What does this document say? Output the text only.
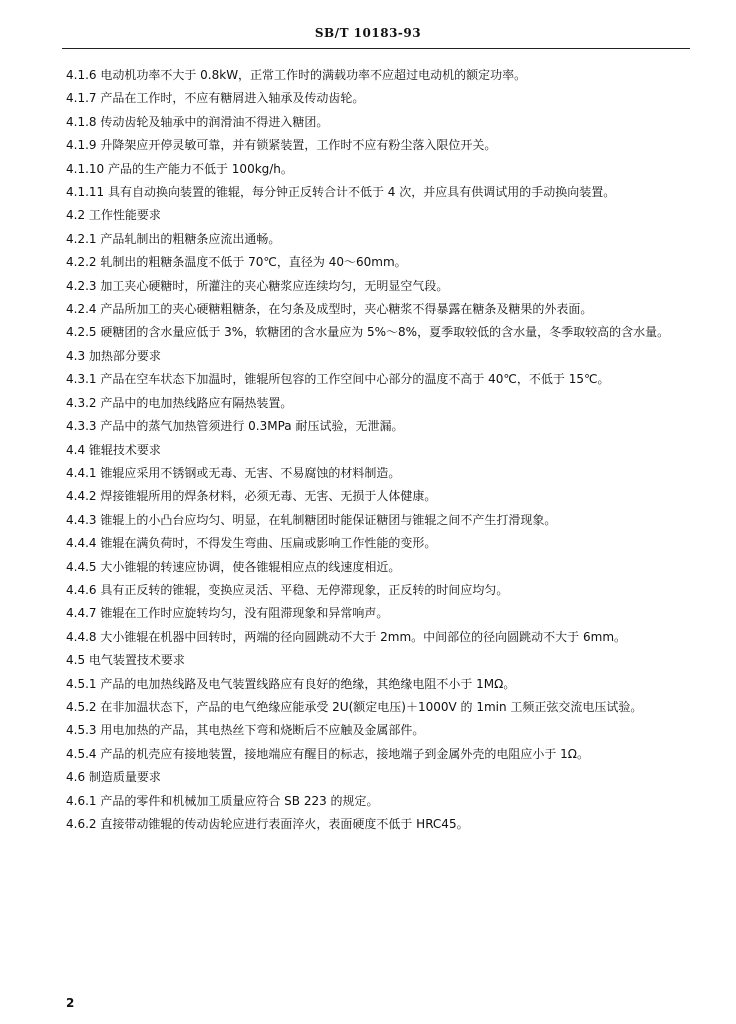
SB/T 10183-93
4.1.6 电动机功率不大于 0.8kW，正常工作时的满载功率不应超过电动机的额定功率。
4.1.7 产品在工作时，不应有糖屑进入轴承及传动齿轮。
4.1.8 传动齿轮及轴承中的润滑油不得进入糖团。
4.1.9 升降架应开停灵敏可靠，并有锁紧装置，工作时不应有粉尘落入限位开关。
4.1.10 产品的生产能力不低于 100kg/h。
4.1.11 具有自动换向装置的锥辊，每分钟正反转合计不低于 4 次，并应具有供调试用的手动换向装置。
4.2 工作性能要求
4.2.1 产品轧制出的粗糖条应流出通畅。
4.2.2 轧制出的粗糖条温度不低于 70℃，直径为 40～60mm。
4.2.3 加工夹心硬糖时，所灌注的夹心糖浆应连续均匀，无明显空气段。
4.2.4 产品所加工的夹心硬糖粗糖条，在匀条及成型时，夹心糖浆不得暴露在糖条及糖果的外表面。
4.2.5 硬糖团的含水量应低于 3%，软糖团的含水量应为 5%～8%，夏季取较低的含水量，冬季取较高的含水量。
4.3 加热部分要求
4.3.1 产品在空车状态下加温时，锥辊所包容的工作空间中心部分的温度不高于 40℃，不低于 15℃。
4.3.2 产品中的电加热线路应有隔热装置。
4.3.3 产品中的蒸气加热管须进行 0.3MPa 耐压试验，无泄漏。
4.4 锥辊技术要求
4.4.1 锥辊应采用不锈钢或无毒、无害、不易腐蚀的材料制造。
4.4.2 焊接锥辊所用的焊条材料，必须无毒、无害、无损于人体健康。
4.4.3 锥辊上的小凸台应均匀、明显，在轧制糖团时能保证糖团与锥辊之间不产生打滑现象。
4.4.4 锥辊在满负荷时，不得发生弯曲、压扁或影响工作性能的变形。
4.4.5 大小锥辊的转速应协调，使各锥辊相应点的线速度相近。
4.4.6 具有正反转的锥辊，变换应灵活、平稳、无停滞现象，正反转的时间应均匀。
4.4.7 锥辊在工作时应旋转均匀，没有阻滞现象和异常响声。
4.4.8 大小锥辊在机器中回转时，两端的径向圆跳动不大于 2mm。中间部位的径向圆跳动不大于 6mm。
4.5 电气装置技术要求
4.5.1 产品的电加热线路及电气装置线路应有良好的绝缘，其绝缘电阻不小于 1MΩ。
4.5.2 在非加温状态下，产品的电气绝缘应能承受 2U(额定电压)＋1000V 的 1min 工频正弦交流电压试验。
4.5.3 用电加热的产品，其电热丝下弯和烧断后不应触及金属部件。
4.5.4 产品的机壳应有接地装置，接地端应有醒目的标志，接地端子到金属外壳的电阻应小于 1Ω。
4.6 制造质量要求
4.6.1 产品的零件和机械加工质量应符合 SB 223 的规定。
4.6.2 直接带动锥辊的传动齿轮应进行表面淬火，表面硬度不低于 HRC45。
2
